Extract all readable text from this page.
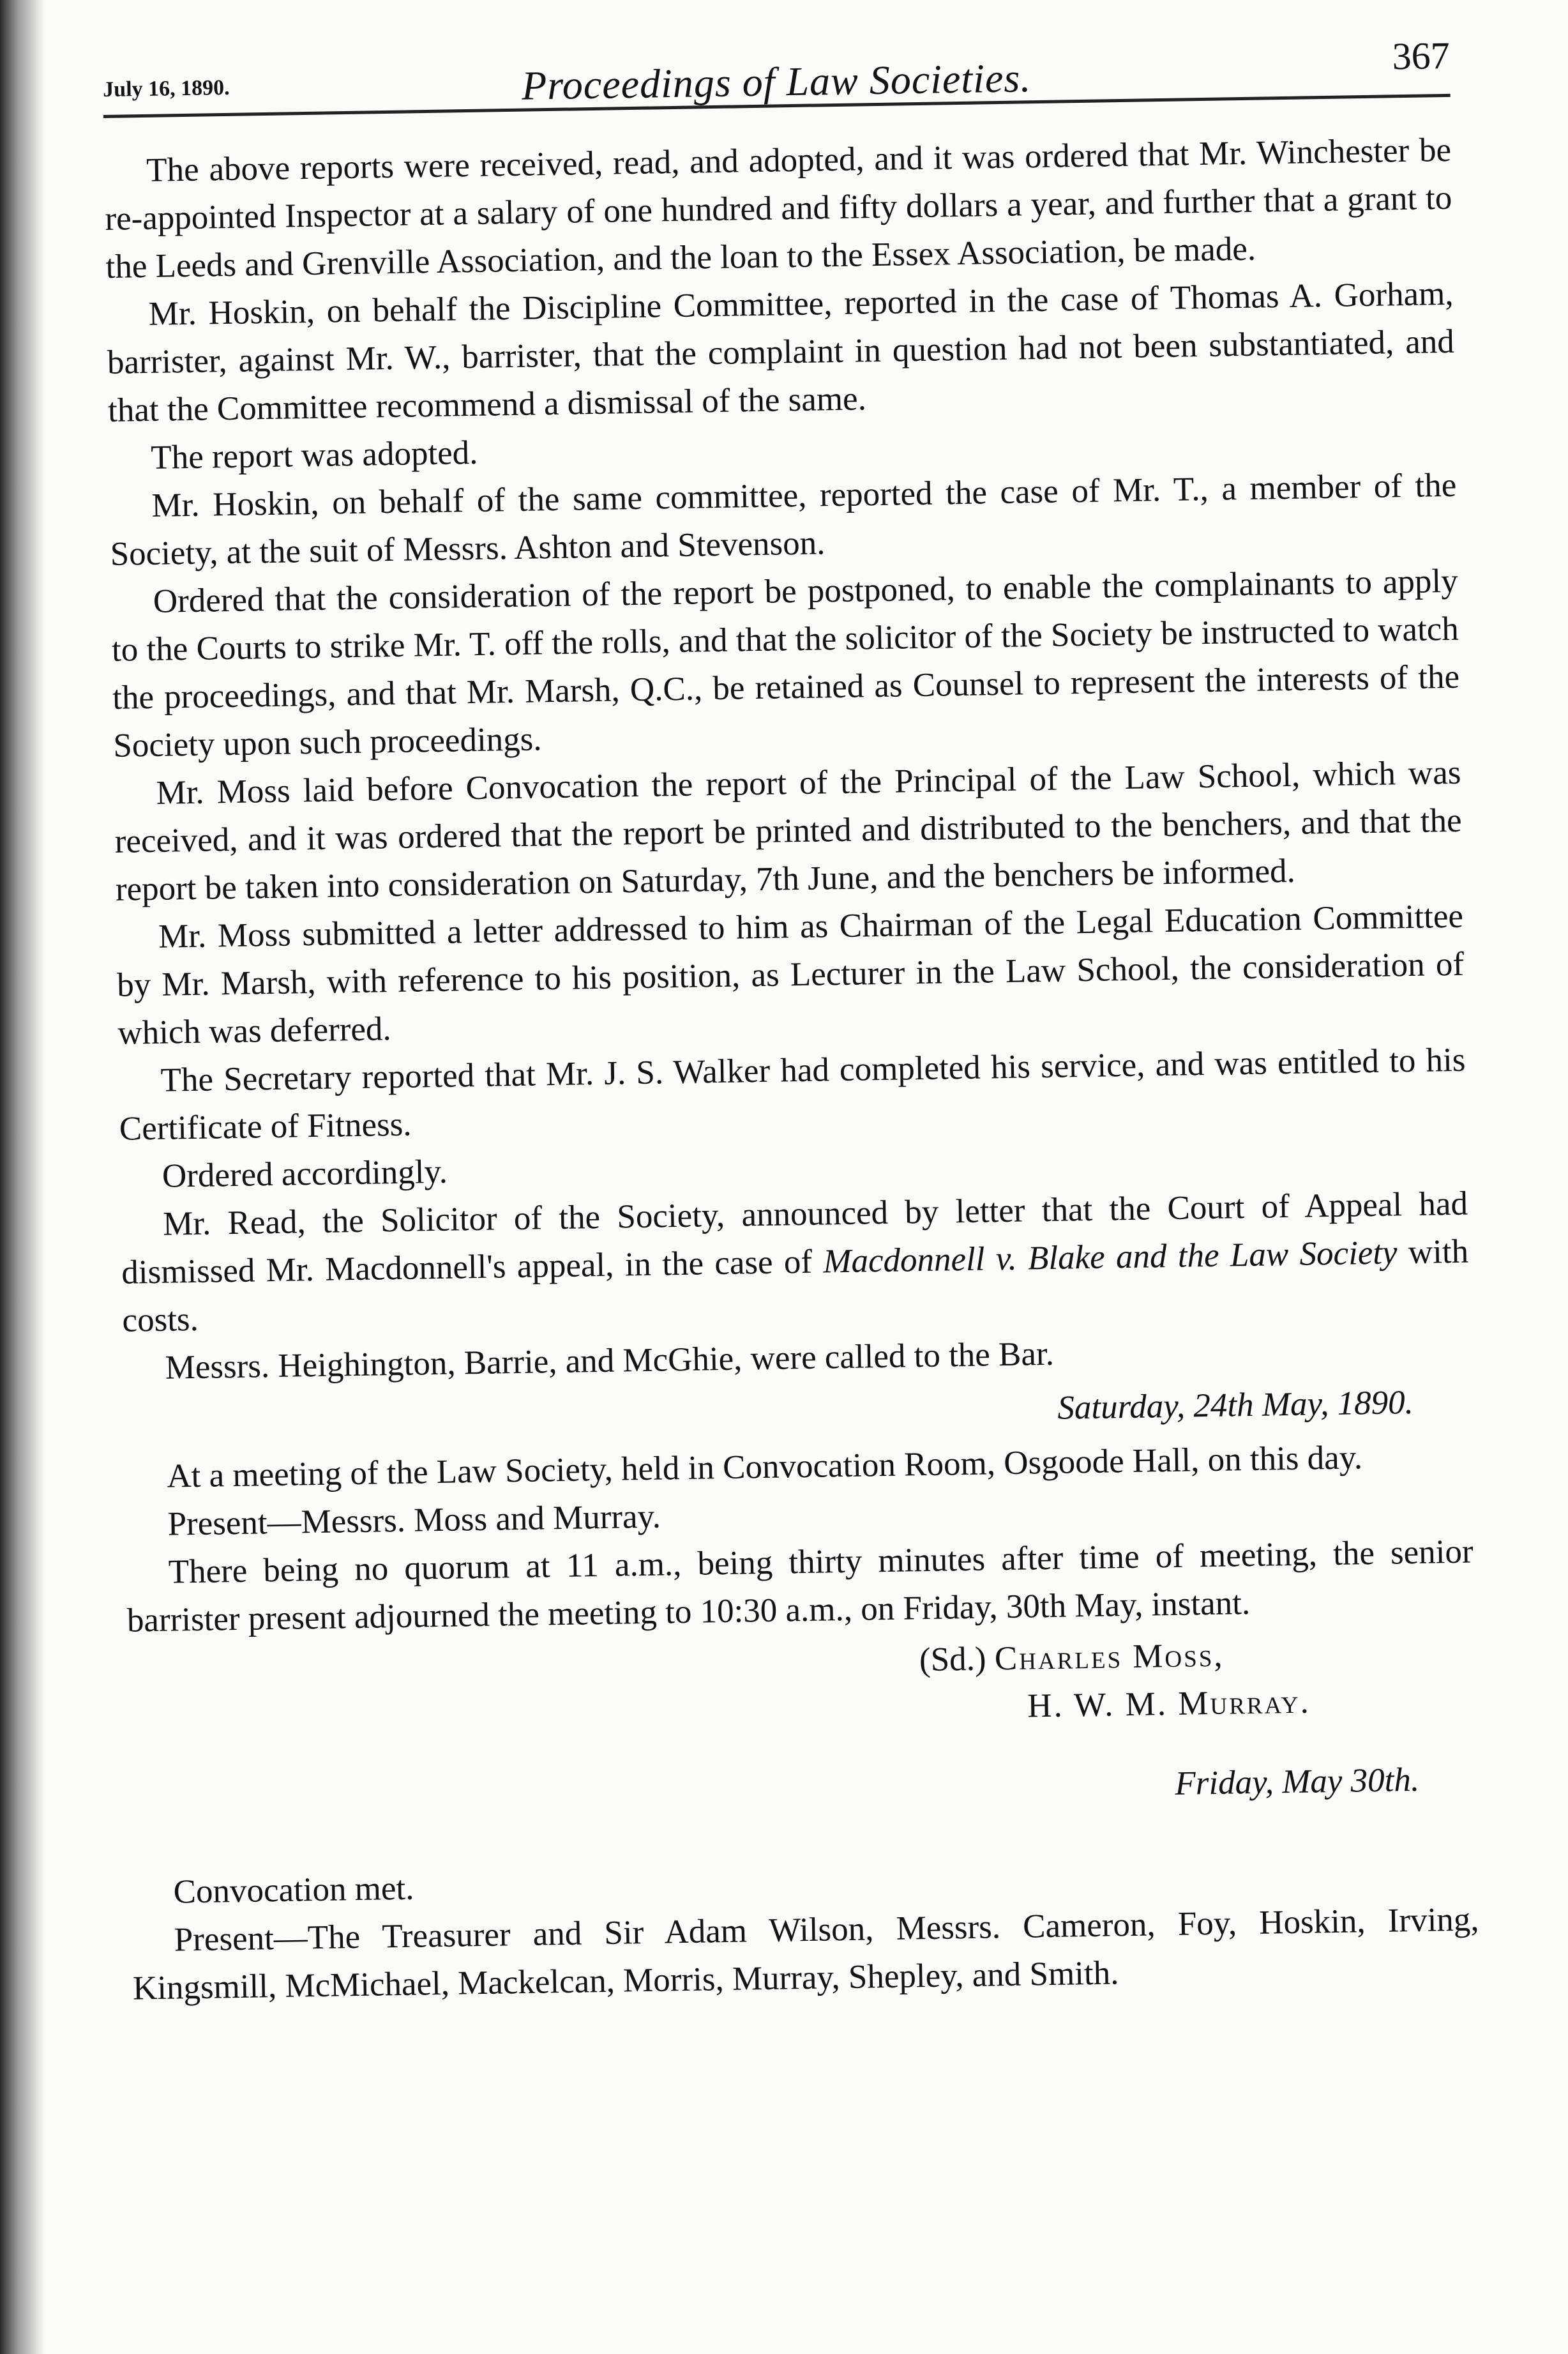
July 16, 1890.	Proceedings of Law Societies.	367

The above reports were received, read, and adopted, and it was ordered that Mr. Winchester be re-appointed Inspector at a salary of one hundred and fifty dollars a year, and further that a grant to the Leeds and Grenville Association, and the loan to the Essex Association, be made.

Mr. Hoskin, on behalf the Discipline Committee, reported in the case of Thomas A. Gorham, barrister, against Mr. W., barrister, that the complaint in question had not been substantiated, and that the Committee recommend a dismissal of the same.

The report was adopted.

Mr. Hoskin, on behalf of the same committee, reported the case of Mr. T., a member of the Society, at the suit of Messrs. Ashton and Stevenson.

Ordered that the consideration of the report be postponed, to enable the complainants to apply to the Courts to strike Mr. T. off the rolls, and that the solicitor of the Society be instructed to watch the proceedings, and that Mr. Marsh, Q.C., be retained as Counsel to represent the interests of the Society upon such proceedings.

Mr. Moss laid before Convocation the report of the Principal of the Law School, which was received, and it was ordered that the report be printed and distributed to the benchers, and that the report be taken into consideration on Saturday, 7th June, and the benchers be informed.

Mr. Moss submitted a letter addressed to him as Chairman of the Legal Education Committee by Mr. Marsh, with reference to his position, as Lecturer in the Law School, the consideration of which was deferred.

The Secretary reported that Mr. J. S. Walker had completed his service, and was entitled to his Certificate of Fitness.

Ordered accordingly.

Mr. Read, the Solicitor of the Society, announced by letter that the Court of Appeal had dismissed Mr. Macdonnell's appeal, in the case of Macdonnell v. Blake and the Law Society with costs.

Messrs. Heighington, Barrie, and McGhie, were called to the Bar.

Saturday, 24th May, 1890.

At a meeting of the Law Society, held in Convocation Room, Osgoode Hall, on this day.

Present—Messrs. Moss and Murray.

There being no quorum at 11 a.m., being thirty minutes after time of meeting, the senior barrister present adjourned the meeting to 10:30 a.m., on Friday, 30th May, instant.

(Sd.) Charles Moss,
H. W. M. Murray.
Friday, May 30th.

Convocation met.

Present—The Treasurer and Sir Adam Wilson, Messrs. Cameron, Foy, Hoskin, Irving, Kingsmill, McMichael, Mackelcan, Morris, Murray, Shepley, and Smith.
